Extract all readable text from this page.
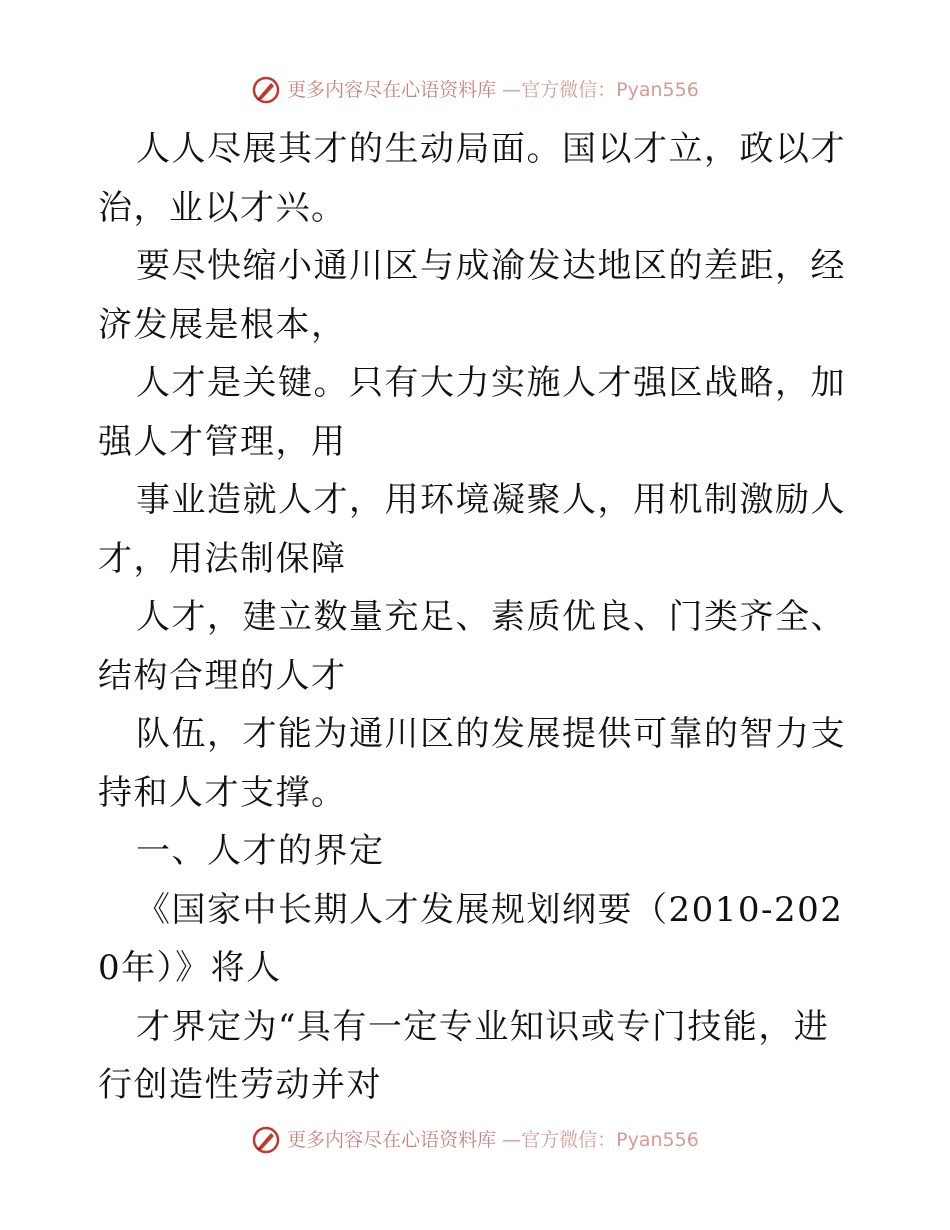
更多内容尽在心语资料库 —官方微信：Pyan556

人人尽展其才的生动局面。国以才立，政以才治，业以才兴。

要尽快缩小通川区与成渝发达地区的差距，经济发展是根本，

人才是关键。只有大力实施人才强区战略，加强人才管理，用

事业造就人才，用环境凝聚人，用机制激励人才，用法制保障

人才，建立数量充足、素质优良、门类齐全、结构合理的人才

队伍，才能为通川区的发展提供可靠的智力支持和人才支撑。

一、人才的界定

《国家中长期人才发展规划纲要（2010-2020年）》将人

才界定为“具有一定专业知识或专门技能，进行创造性劳动并对

更多内容尽在心语资料库 —官方微信：Pyan556
